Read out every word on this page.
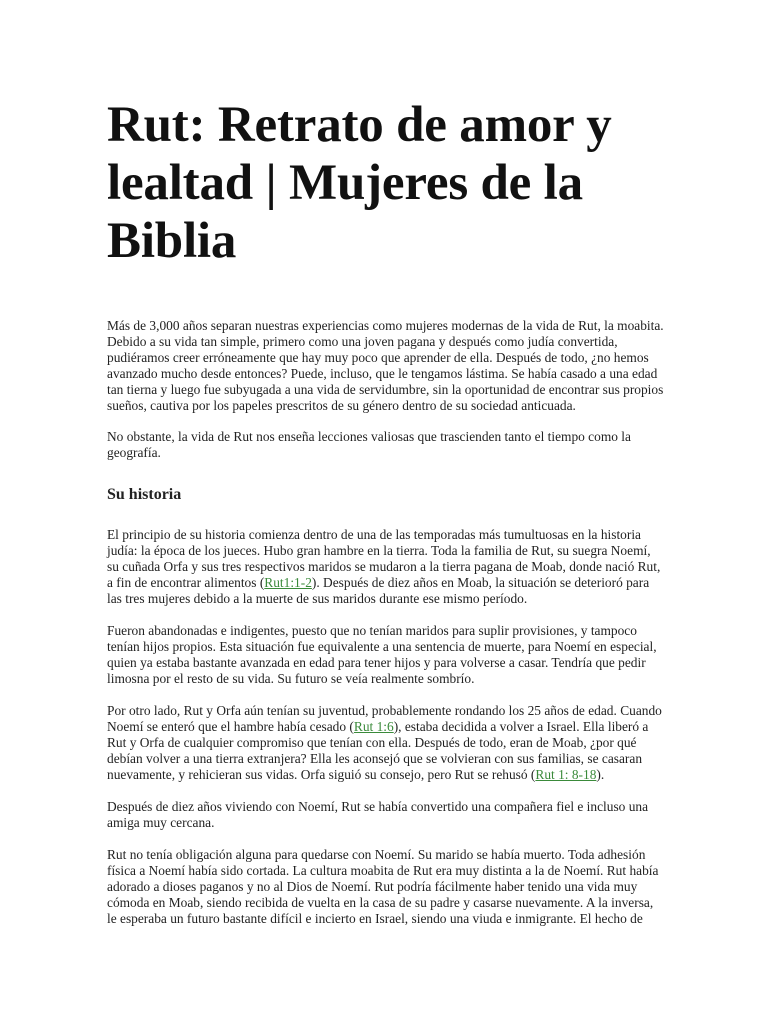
Rut: Retrato de amor y lealtad | Mujeres de la Biblia

Más de 3,000 años separan nuestras experiencias como mujeres modernas de la vida de Rut, la moabita. Debido a su vida tan simple, primero como una joven pagana y después como judía convertida, pudiéramos creer erróneamente que hay muy poco que aprender de ella. Después de todo, ¿no hemos avanzado mucho desde entonces? Puede, incluso, que le tengamos lástima. Se había casado a una edad tan tierna y luego fue subyugada a una vida de servidumbre, sin la oportunidad de encontrar sus propios sueños, cautiva por los papeles prescritos de su género dentro de su sociedad anticuada.

No obstante, la vida de Rut nos enseña lecciones valiosas que trascienden tanto el tiempo como la geografía.

Su historia

El principio de su historia comienza dentro de una de las temporadas más tumultuosas en la historia judía: la época de los jueces. Hubo gran hambre en la tierra. Toda la familia de Rut, su suegra Noemí, su cuñada Orfa y sus tres respectivos maridos se mudaron a la tierra pagana de Moab, donde nació Rut, a fin de encontrar alimentos (Rut1:1-2). Después de diez años en Moab, la situación se deterioró para las tres mujeres debido a la muerte de sus maridos durante ese mismo período.

Fueron abandonadas e indigentes, puesto que no tenían maridos para suplir provisiones, y tampoco tenían hijos propios. Esta situación fue equivalente a una sentencia de muerte, para Noemí en especial, quien ya estaba bastante avanzada en edad para tener hijos y para volverse a casar. Tendría que pedir limosna por el resto de su vida. Su futuro se veía realmente sombrío.

Por otro lado, Rut y Orfa aún tenían su juventud, probablemente rondando los 25 años de edad. Cuando Noemí se enteró que el hambre había cesado (Rut 1:6), estaba decidida a volver a Israel. Ella liberó a Rut y Orfa de cualquier compromiso que tenían con ella. Después de todo, eran de Moab, ¿por qué debían volver a una tierra extranjera? Ella les aconsejó que se volvieran con sus familias, se casaran nuevamente, y rehicieran sus vidas. Orfa siguió su consejo, pero Rut se rehusó (Rut 1: 8-18).

Después de diez años viviendo con Noemí, Rut se había convertido una compañera fiel e incluso una amiga muy cercana.

Rut no tenía obligación alguna para quedarse con Noemí. Su marido se había muerto. Toda adhesión física a Noemí había sido cortada. La cultura moabita de Rut era muy distinta a la de Noemí. Rut había adorado a dioses paganos y no al Dios de Noemí. Rut podría fácilmente haber tenido una vida muy cómoda en Moab, siendo recibida de vuelta en la casa de su padre y casarse nuevamente. A la inversa, le esperaba un futuro bastante difícil e incierto en Israel, siendo una viuda e inmigrante. El hecho de
